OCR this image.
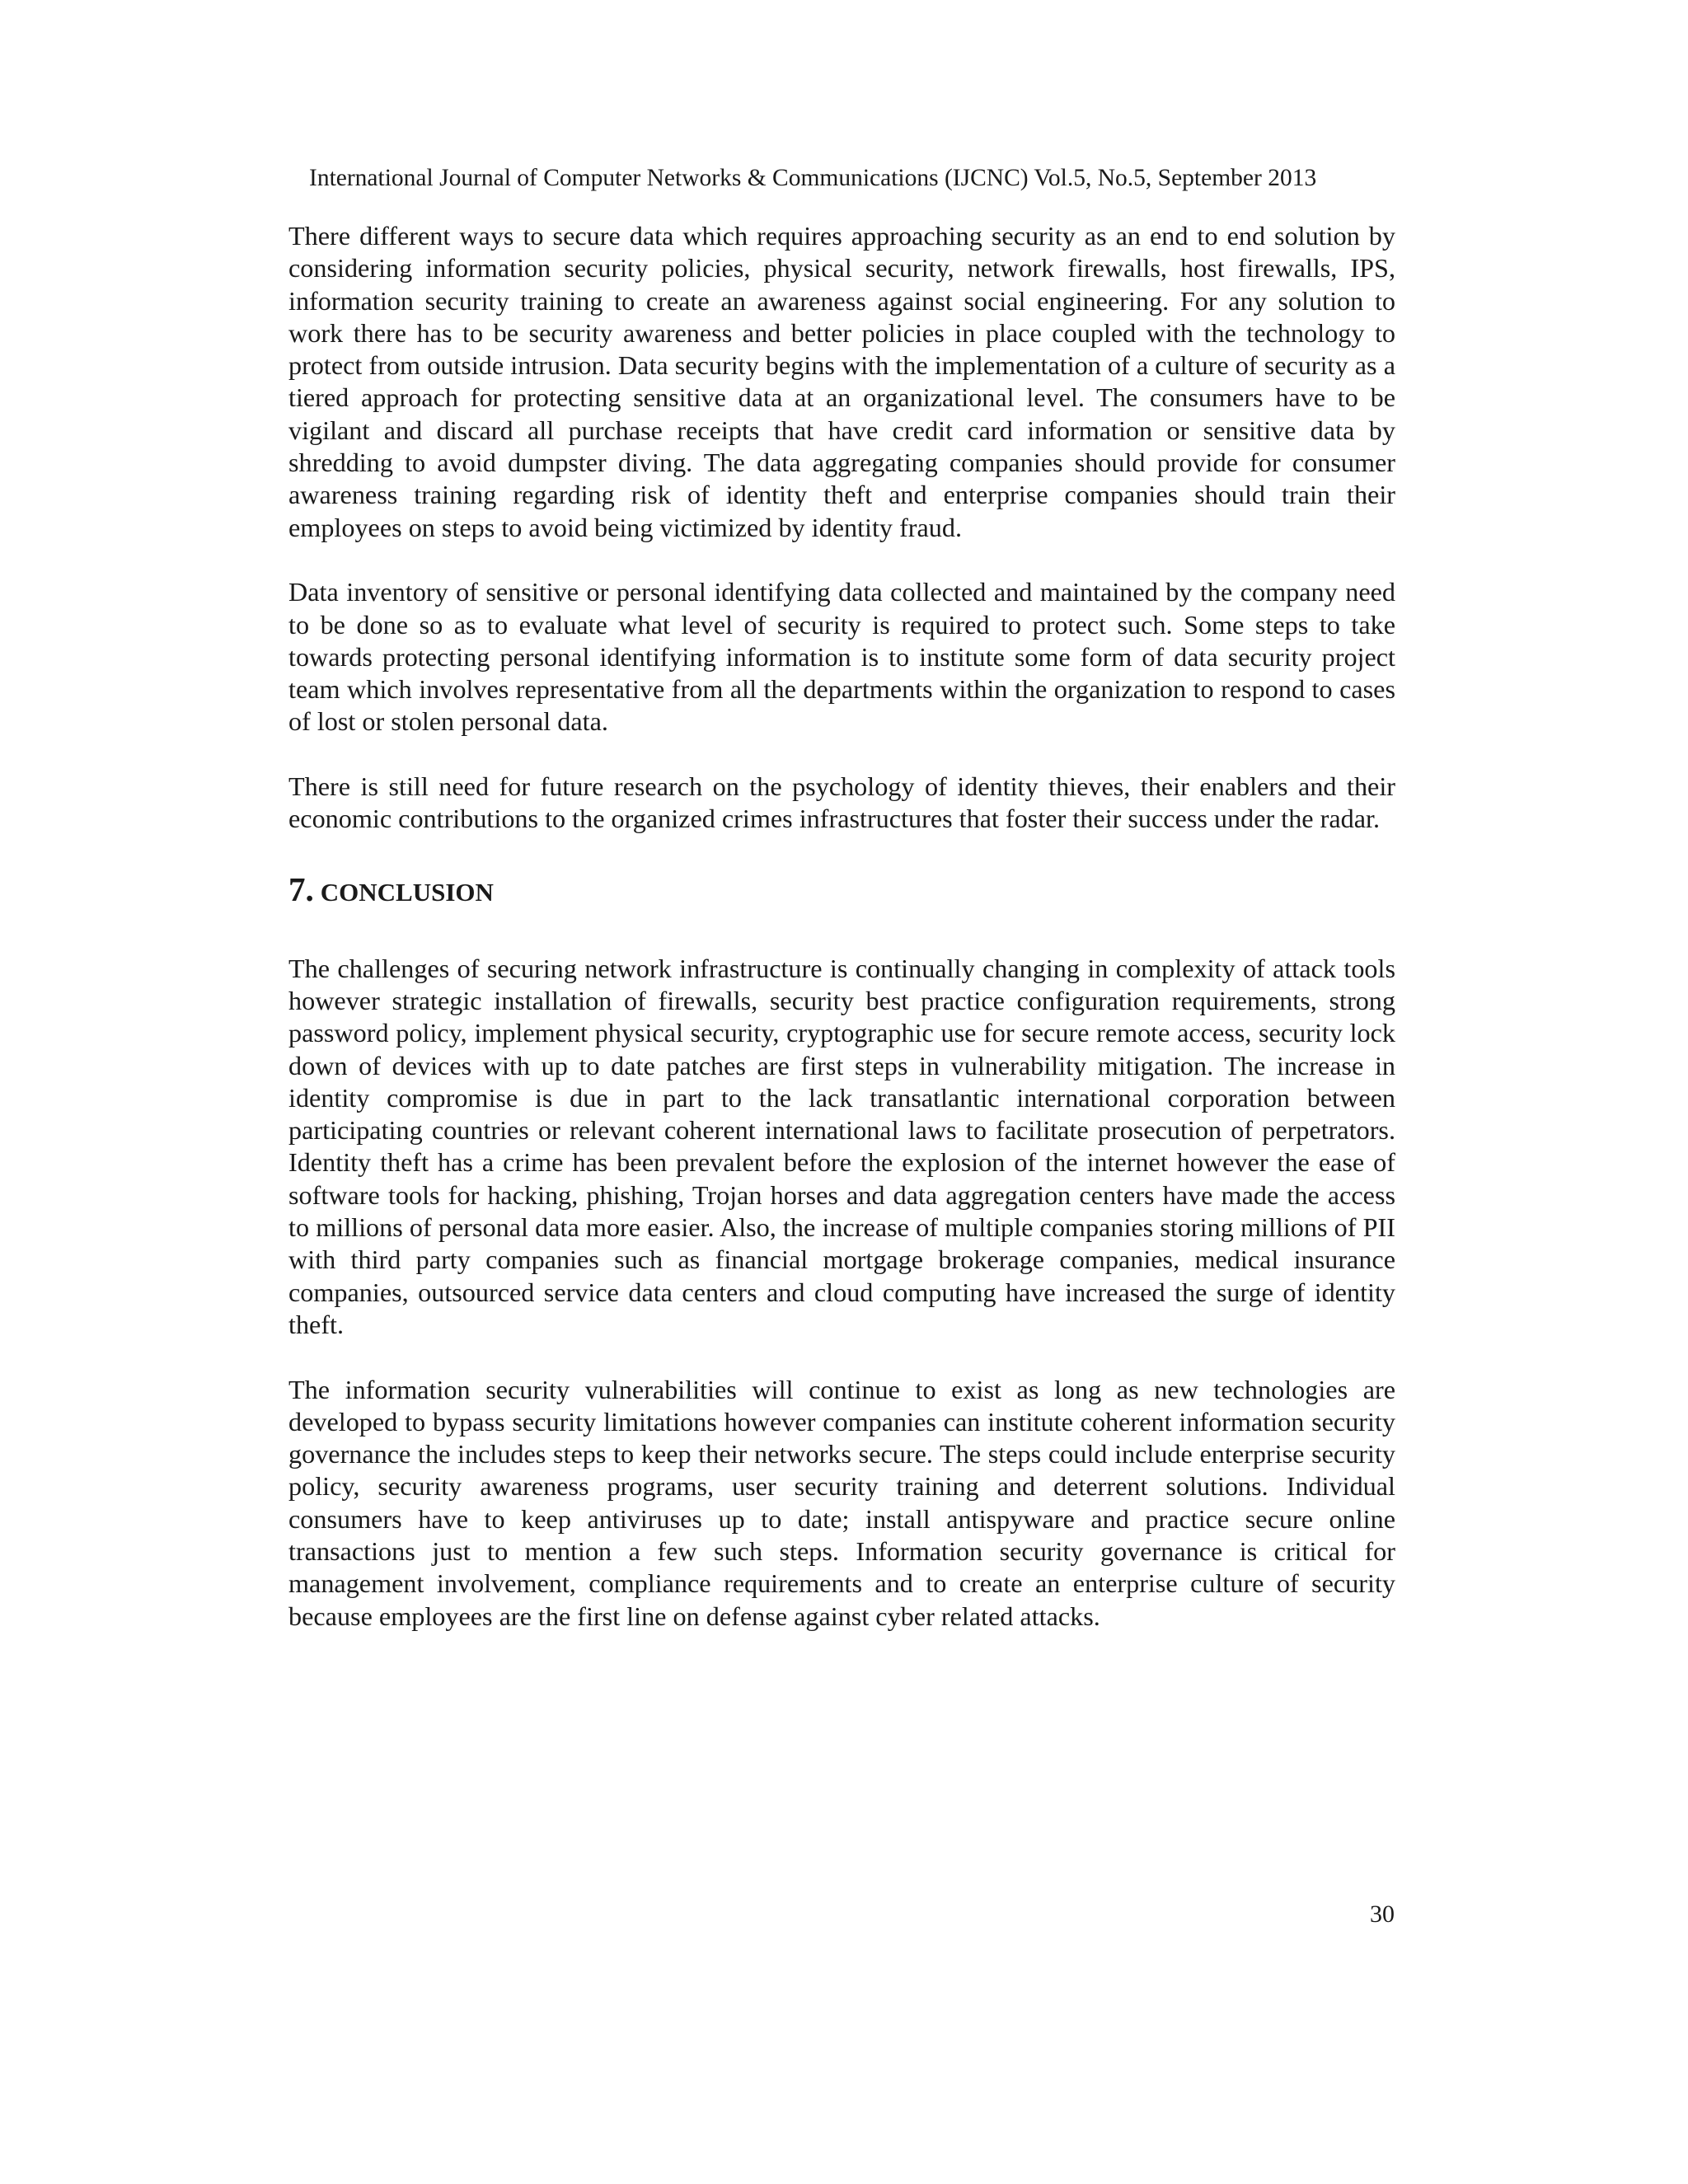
International Journal of Computer Networks & Communications (IJCNC) Vol.5, No.5, September 2013

There different ways to secure data which requires approaching security as an end to end solution by considering information security policies, physical security, network firewalls, host firewalls, IPS, information security training to create an awareness against social engineering. For any solution to work there has to be security awareness and better policies in place coupled with the technology to protect from outside intrusion. Data security begins with the implementation of a culture of security as a tiered approach for protecting sensitive data at an organizational level. The consumers have to be vigilant and discard all purchase receipts that have credit card information or sensitive data by shredding to avoid dumpster diving. The data aggregating companies should provide for consumer awareness training regarding risk of identity theft and enterprise companies should train their employees on steps to avoid being victimized by identity fraud.

Data inventory of sensitive or personal identifying data collected and maintained by the company need to be done so as to evaluate what level of security is required to protect such. Some steps to take towards protecting personal identifying information is to institute some form of data security project team which involves representative from all the departments within the organization to respond to cases of lost or stolen personal data.

There is still need for future research on the psychology of identity thieves, their enablers and their economic contributions to the organized crimes infrastructures that foster their success under the radar.

7. CONCLUSION

The challenges of securing network infrastructure is continually changing in complexity of attack tools however strategic installation of firewalls, security best practice configuration requirements, strong password policy, implement physical security, cryptographic use for secure remote access, security lock down of devices with up to date patches are first steps in vulnerability mitigation. The increase in identity compromise is due in part to the lack transatlantic international corporation between participating countries or relevant coherent international laws to facilitate prosecution of perpetrators. Identity theft has a crime has been prevalent before the explosion of the internet however the ease of software tools for hacking, phishing, Trojan horses and data aggregation centers have made the access to millions of personal data more easier. Also, the increase of multiple companies storing millions of PII with third party companies such as financial mortgage brokerage companies, medical insurance companies, outsourced service data centers and cloud computing have increased the surge of identity theft.

The information security vulnerabilities will continue to exist as long as new technologies are developed to bypass security limitations however companies can institute coherent information security governance the includes steps to keep their networks secure. The steps could include enterprise security policy, security awareness programs, user security training and deterrent solutions. Individual consumers have to keep antiviruses up to date; install antispyware and practice secure online transactions just to mention a few such steps. Information security governance is critical for management involvement, compliance requirements and to create an enterprise culture of security because employees are the first line on defense against cyber related attacks.

30
